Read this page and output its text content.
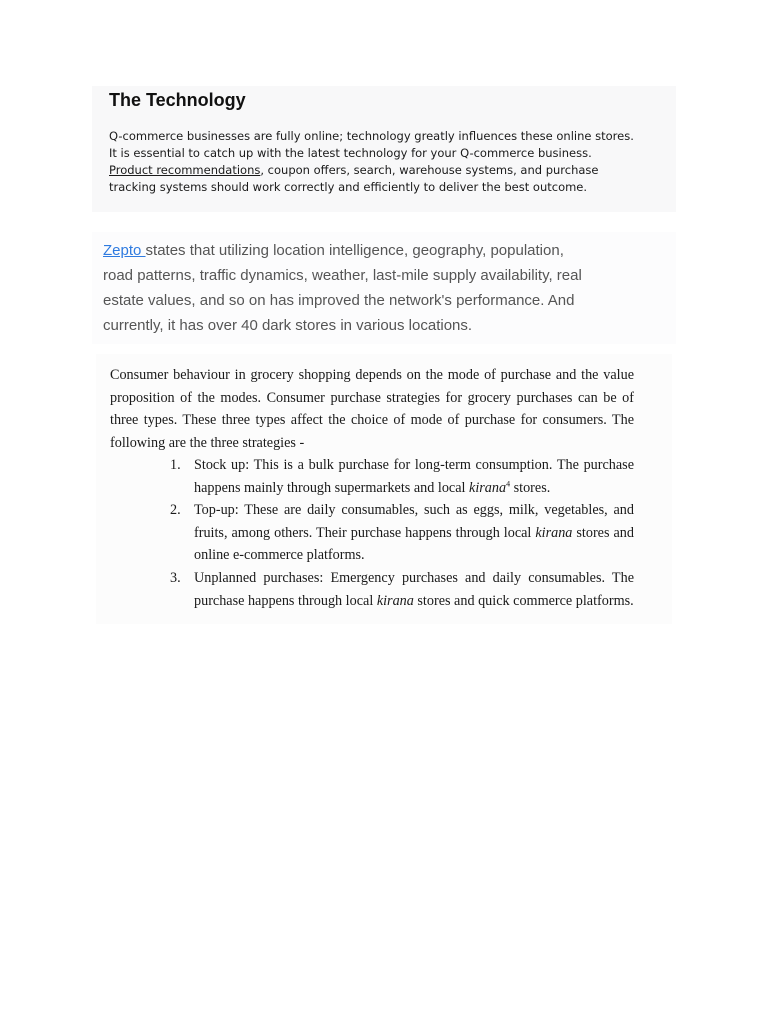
The Technology

Q-commerce businesses are fully online; technology greatly influences these online stores. It is essential to catch up with the latest technology for your Q-commerce business. Product recommendations, coupon offers, search, warehouse systems, and purchase tracking systems should work correctly and efficiently to deliver the best outcome.

Zepto states that utilizing location intelligence, geography, population, road patterns, traffic dynamics, weather, last-mile supply availability, real estate values, and so on has improved the network's performance. And currently, it has over 40 dark stores in various locations.

Consumer behaviour in grocery shopping depends on the mode of purchase and the value proposition of the modes. Consumer purchase strategies for grocery purchases can be of three types. These three types affect the choice of mode of purchase for consumers. The following are the three strategies -

1. Stock up: This is a bulk purchase for long-term consumption. The purchase happens mainly through supermarkets and local kirana$^4$ stores.
2. Top-up: These are daily consumables, such as eggs, milk, vegetables, and fruits, among others. Their purchase happens through local kirana stores and online e-commerce platforms.
3. Unplanned purchases: Emergency purchases and daily consumables. The purchase happens through local kirana stores and quick commerce platforms.
